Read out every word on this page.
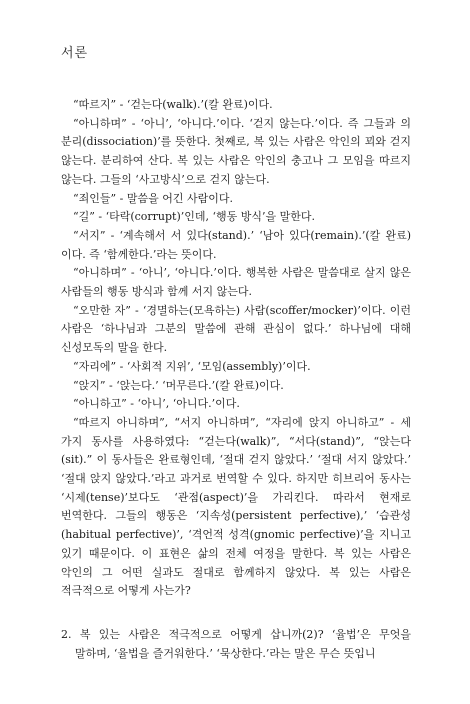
서론

“따르지” - ‘걷는다(walk).’(칼 완료)이다.

“아니하며” - ‘아니’, ‘아니다.’이다. ‘걷지 않는다.’이다. 즉 그들과 의 분리(dissociation)’를 뜻한다. 첫째로, 복 있는 사람은 악인의 꾀와 걷지 않는다. 분리하여 산다. 복 있는 사람은 악인의 충고나 그 모임을 따르지 않는다. 그들의 ‘사고방식’으로 걷지 않는다.

“죄인들” - 말씀을 어긴 사람이다.

“길” - ‘타락(corrupt)’인데, ‘행동 방식’을 말한다.

“서지” - ‘계속해서 서 있다(stand).’ ‘남아 있다(remain).’(칼 완료)이다. 즉 ‘함께한다.’라는 뜻이다.

“아니하며” - ‘아니’, ‘아니다.’이다. 행복한 사람은 말씀대로 살지 않은 사람들의 행동 방식과 함께 서지 않는다.

“오만한 자” - ‘경멸하는(모욕하는) 사람(scoffer/mocker)’이다. 이런 사람은 ‘하나님과 그분의 말씀에 관해 관심이 없다.’ 하나님에 대해 신성모독의 말을 한다.

“자리에” - ‘사회적 지위’, ‘모임(assembly)’이다.

“앉지” - ‘앉는다.’ ‘머무른다.’(칼 완료)이다.

“아니하고” - ‘아니’, ‘아니다.’이다.

“따르지 아니하며”, “서지 아니하며”, “자리에 앉지 아니하고” - 세 가지 동사를 사용하였다: “걷는다(walk)”, “서다(stand)”, “앉는다(sit).” 이 동사들은 완료형인데, ‘절대 걷지 않았다.’ ‘절대 서지 않았다.’ ‘절대 앉지 않았다.’라고 과거로 번역할 수 있다. 하지만 히브리어 동사는 ‘시제(tense)’보다도 ‘관점(aspect)’을 가리킨다. 따라서 현재로 번역한다. 그들의 행동은 ‘지속성(persistent perfective),’ ‘습관성(habitual perfective)’, ‘격언적 성격(gnomic perfective)’을 지니고 있기 때문이다. 이 표현은 삶의 전체 여정을 말한다. 복 있는 사람은 악인의 그 어떤 실과도 절대로 함께하지 않았다. 복 있는 사람은 적극적으로 어떻게 사는가?

2. 복 있는 사람은 적극적으로 어떻게 삽니까(2)? ‘율법’은 무엇을 말하며, ‘율법을 즐거워한다.’ ‘묵상한다.’라는 말은 무슨 뜻입니
